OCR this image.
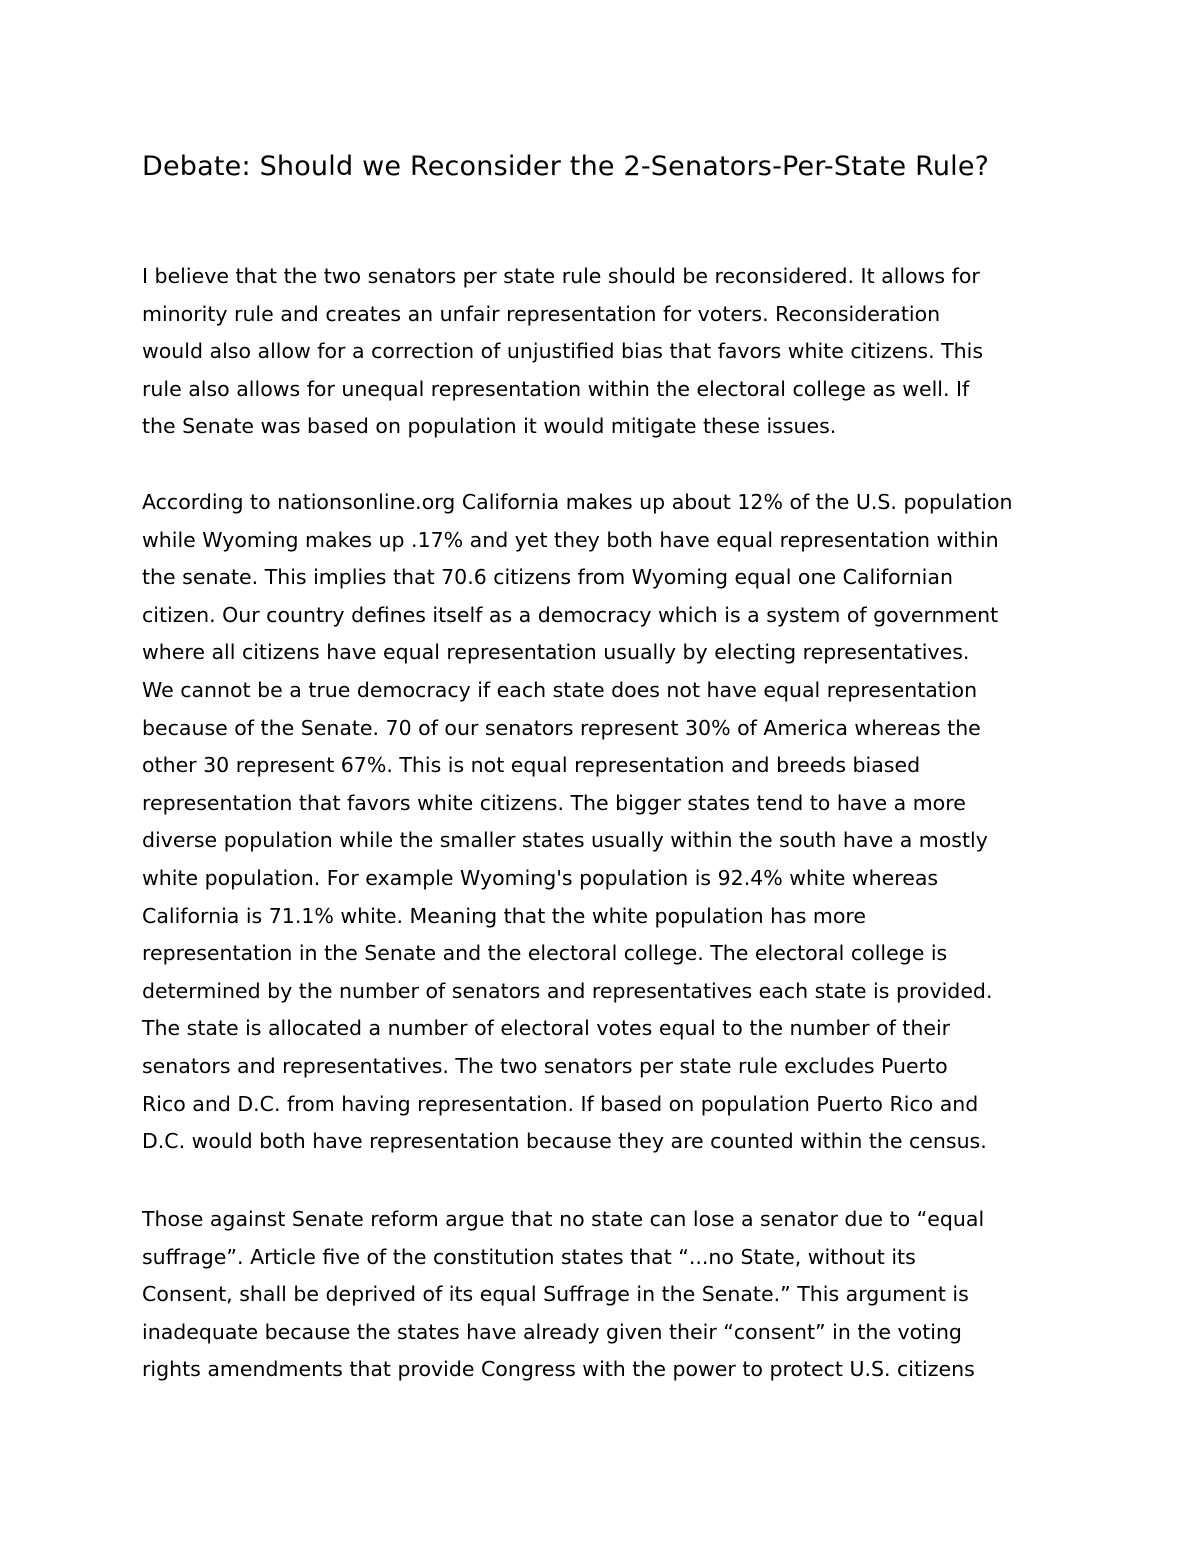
Debate: Should we Reconsider the 2-Senators-Per-State Rule?
I believe that the two senators per state rule should be reconsidered. It allows for
minority rule and creates an unfair representation for voters. Reconsideration
would also allow for a correction of unjustified bias that favors white citizens. This
rule also allows for unequal representation within the electoral college as well. If
the Senate was based on population it would mitigate these issues.
According to nationsonline.org California makes up about 12% of the U.S. population
while Wyoming makes up .17% and yet they both have equal representation within
the senate. This implies that 70.6 citizens from Wyoming equal one Californian
citizen. Our country defines itself as a democracy which is a system of government
where all citizens have equal representation usually by electing representatives.
We cannot be a true democracy if each state does not have equal representation
because of the Senate. 70 of our senators represent 30% of America whereas the
other 30 represent 67%. This is not equal representation and breeds biased
representation that favors white citizens. The bigger states tend to have a more
diverse population while the smaller states usually within the south have a mostly
white population. For example Wyoming's population is 92.4% white whereas
California is 71.1% white. Meaning that the white population has more
representation in the Senate and the electoral college. The electoral college is
determined by the number of senators and representatives each state is provided.
The state is allocated a number of electoral votes equal to the number of their
senators and representatives. The two senators per state rule excludes Puerto
Rico and D.C. from having representation. If based on population Puerto Rico and
D.C. would both have representation because they are counted within the census.
Those against Senate reform argue that no state can lose a senator due to “equal
suffrage”. Article five of the constitution states that “...no State, without its
Consent, shall be deprived of its equal Suffrage in the Senate.” This argument is
inadequate because the states have already given their “consent” in the voting
rights amendments that provide Congress with the power to protect U.S. citizens
